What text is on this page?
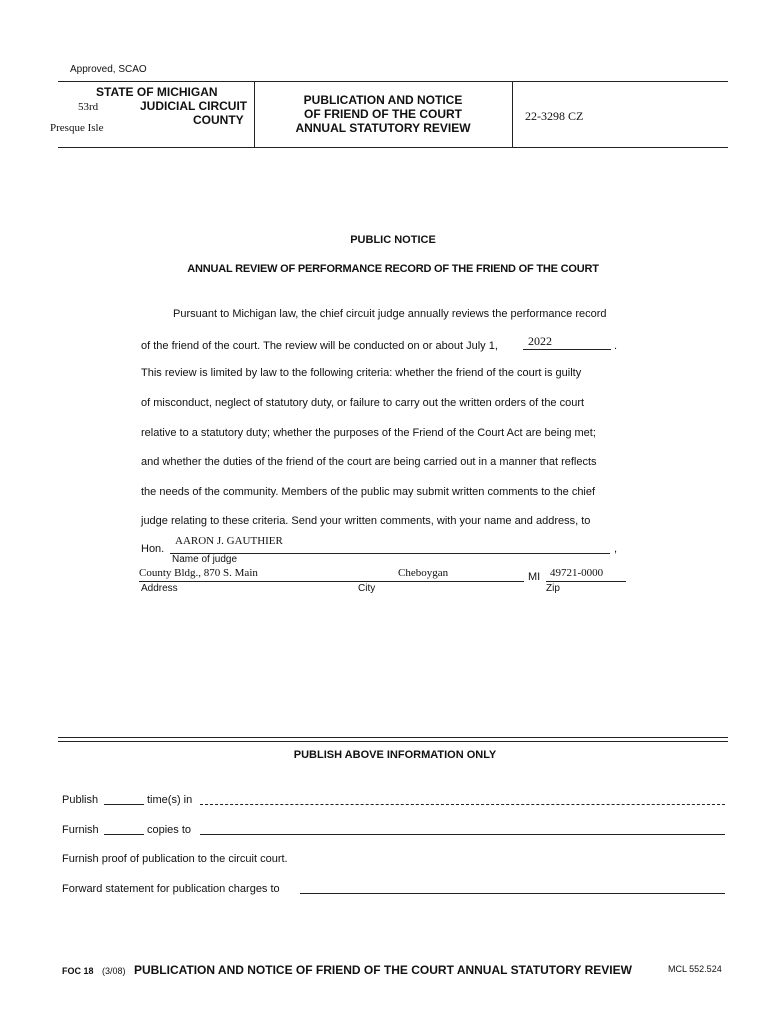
Approved, SCAO
STATE OF MICHIGAN
53rd	JUDICIAL CIRCUIT
COUNTY
Presque Isle
PUBLICATION AND NOTICE
OF FRIEND OF THE COURT
ANNUAL STATUTORY REVIEW
22-3298 CZ
PUBLIC NOTICE
ANNUAL REVIEW OF PERFORMANCE RECORD OF THE FRIEND OF THE COURT
Pursuant to Michigan law, the chief circuit judge annually reviews the performance record
of the friend of the court. The review will be conducted on or about July 1,	2022	.
This review is limited by law to the following criteria: whether the friend of the court is guilty
of misconduct, neglect of statutory duty, or failure to carry out the written orders of the court
relative to a statutory duty; whether the purposes of the Friend of the Court Act are being met;
and whether the duties of the friend of the court are being carried out in a manner that reflects
the needs of the community. Members of the public may submit written comments to the chief
judge relating to these criteria. Send your written comments, with your name and address, to
Hon.
AARON J. GAUTHIER
,
Name of judge
County Bldg., 870 S. Main	Cheboygan	MI 49721-0000
Address	City	Zip
PUBLISH ABOVE INFORMATION ONLY
Publish	time(s) in
Furnish	copies to
Furnish proof of publication to the circuit court.
Forward statement for publication charges to
FOC 18 (3/08) PUBLICATION AND NOTICE OF FRIEND OF THE COURT ANNUAL STATUTORY REVIEW	MCL 552.524
